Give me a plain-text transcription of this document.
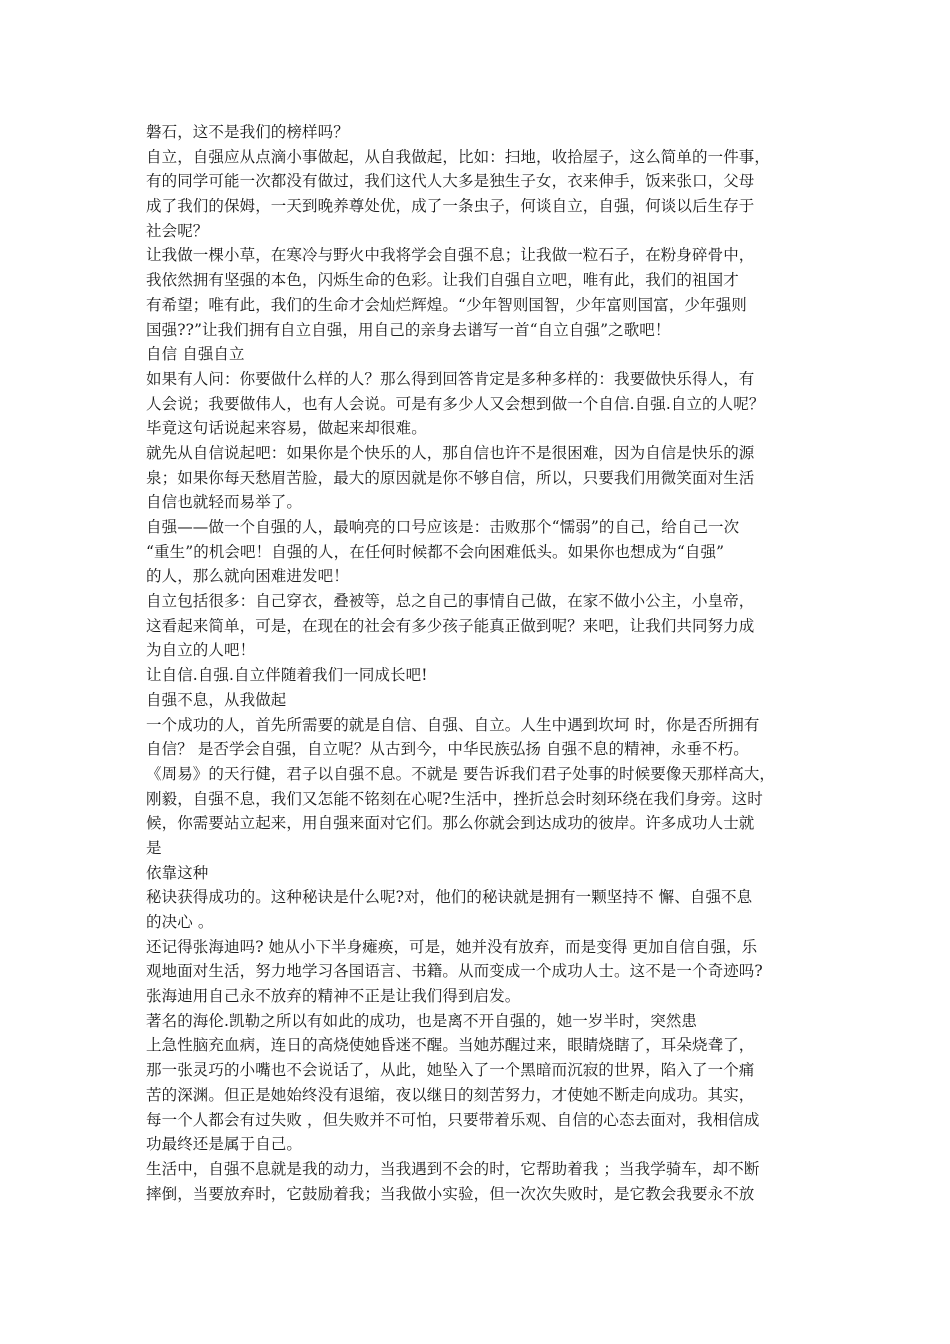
磐石，这不是我们的榜样吗？
自立，自强应从点滴小事做起，从自我做起，比如：扫地，收拾屋子，这么简单的一件事，
有的同学可能一次都没有做过，我们这代人大多是独生子女，衣来伸手，饭来张口，父母
成了我们的保姆，一天到晚养尊处优，成了一条虫子，何谈自立，自强，何谈以后生存于
社会呢？
让我做一棵小草，在寒冷与野火中我将学会自强不息；让我做一粒石子，在粉身碎骨中，
我依然拥有坚强的本色，闪烁生命的色彩。让我们自强自立吧，唯有此，我们的祖国才
有希望；唯有此，我们的生命才会灿烂辉煌。“少年智则国智，少年富则国富，少年强则
国强??”让我们拥有自立自强，用自己的亲身去谱写一首“自立自强”之歌吧！
自信 自强自立
如果有人问：你要做什么样的人？那么得到回答肯定是多种多样的：我要做快乐得人，有
人会说；我要做伟人，也有人会说。可是有多少人又会想到做一个自信.自强.自立的人呢？
毕竟这句话说起来容易，做起来却很难。
就先从自信说起吧：如果你是个快乐的人，那自信也许不是很困难，因为自信是快乐的源
泉；如果你每天愁眉苦脸，最大的原因就是你不够自信，所以，只要我们用微笑面对生活
自信也就轻而易举了。
自强——做一个自强的人，最响亮的口号应该是：击败那个“懦弱”的自己，给自己一次
“重生”的机会吧！自强的人，在任何时候都不会向困难低头。如果你也想成为“自强”
的人，那么就向困难进发吧！
自立包括很多：自己穿衣，叠被等，总之自己的事情自己做，在家不做小公主，小皇帝，
这看起来简单，可是，在现在的社会有多少孩子能真正做到呢？来吧，让我们共同努力成
为自立的人吧！
让自信.自强.自立伴随着我们一同成长吧!
自强不息，从我做起
一个成功的人，首先所需要的就是自信、自强、自立。人生中遇到坎坷 时，你是否所拥有
自信？ 是否学会自强，自立呢？从古到今，中华民族弘扬 自强不息的精神，永垂不朽。
《周易》的天行健，君子以自强不息。不就是 要告诉我们君子处事的时候要像天那样高大，
刚毅，自强不息，我们又怎能不铭刻在心呢?生活中，挫折总会时刻环绕在我们身旁。这时
候，你需要站立起来，用自强来面对它们。那么你就会到达成功的彼岸。许多成功人士就
是
依靠这种
秘诀获得成功的。这种秘诀是什么呢?对，他们的秘诀就是拥有一颗坚持不 懈、自强不息
的决心 。
还记得张海迪吗? 她从小下半身瘫痪，可是，她并没有放弃，而是变得 更加自信自强，乐
观地面对生活，努力地学习各国语言、书籍。从而变成一个成功人士。这不是一个奇迹吗?
张海迪用自己永不放弃的精神不正是让我们得到启发。
著名的海伦.凯勒之所以有如此的成功，也是离不开自强的，她一岁半时，突然患
上急性脑充血病，连日的高烧使她昏迷不醒。当她苏醒过来，眼睛烧瞎了，耳朵烧聋了，
那一张灵巧的小嘴也不会说话了，从此，她坠入了一个黑暗而沉寂的世界，陷入了一个痛
苦的深渊。但正是她始终没有退缩，夜以继日的刻苦努力，才使她不断走向成功。其实，
每一个人都会有过失败 ，但失败并不可怕，只要带着乐观、自信的心态去面对，我相信成
功最终还是属于自己。
生活中，自强不息就是我的动力，当我遇到不会的时，它帮助着我 ；当我学骑车，却不断
摔倒，当要放弃时，它鼓励着我；当我做小实验，但一次次失败时，是它教会我要永不放
